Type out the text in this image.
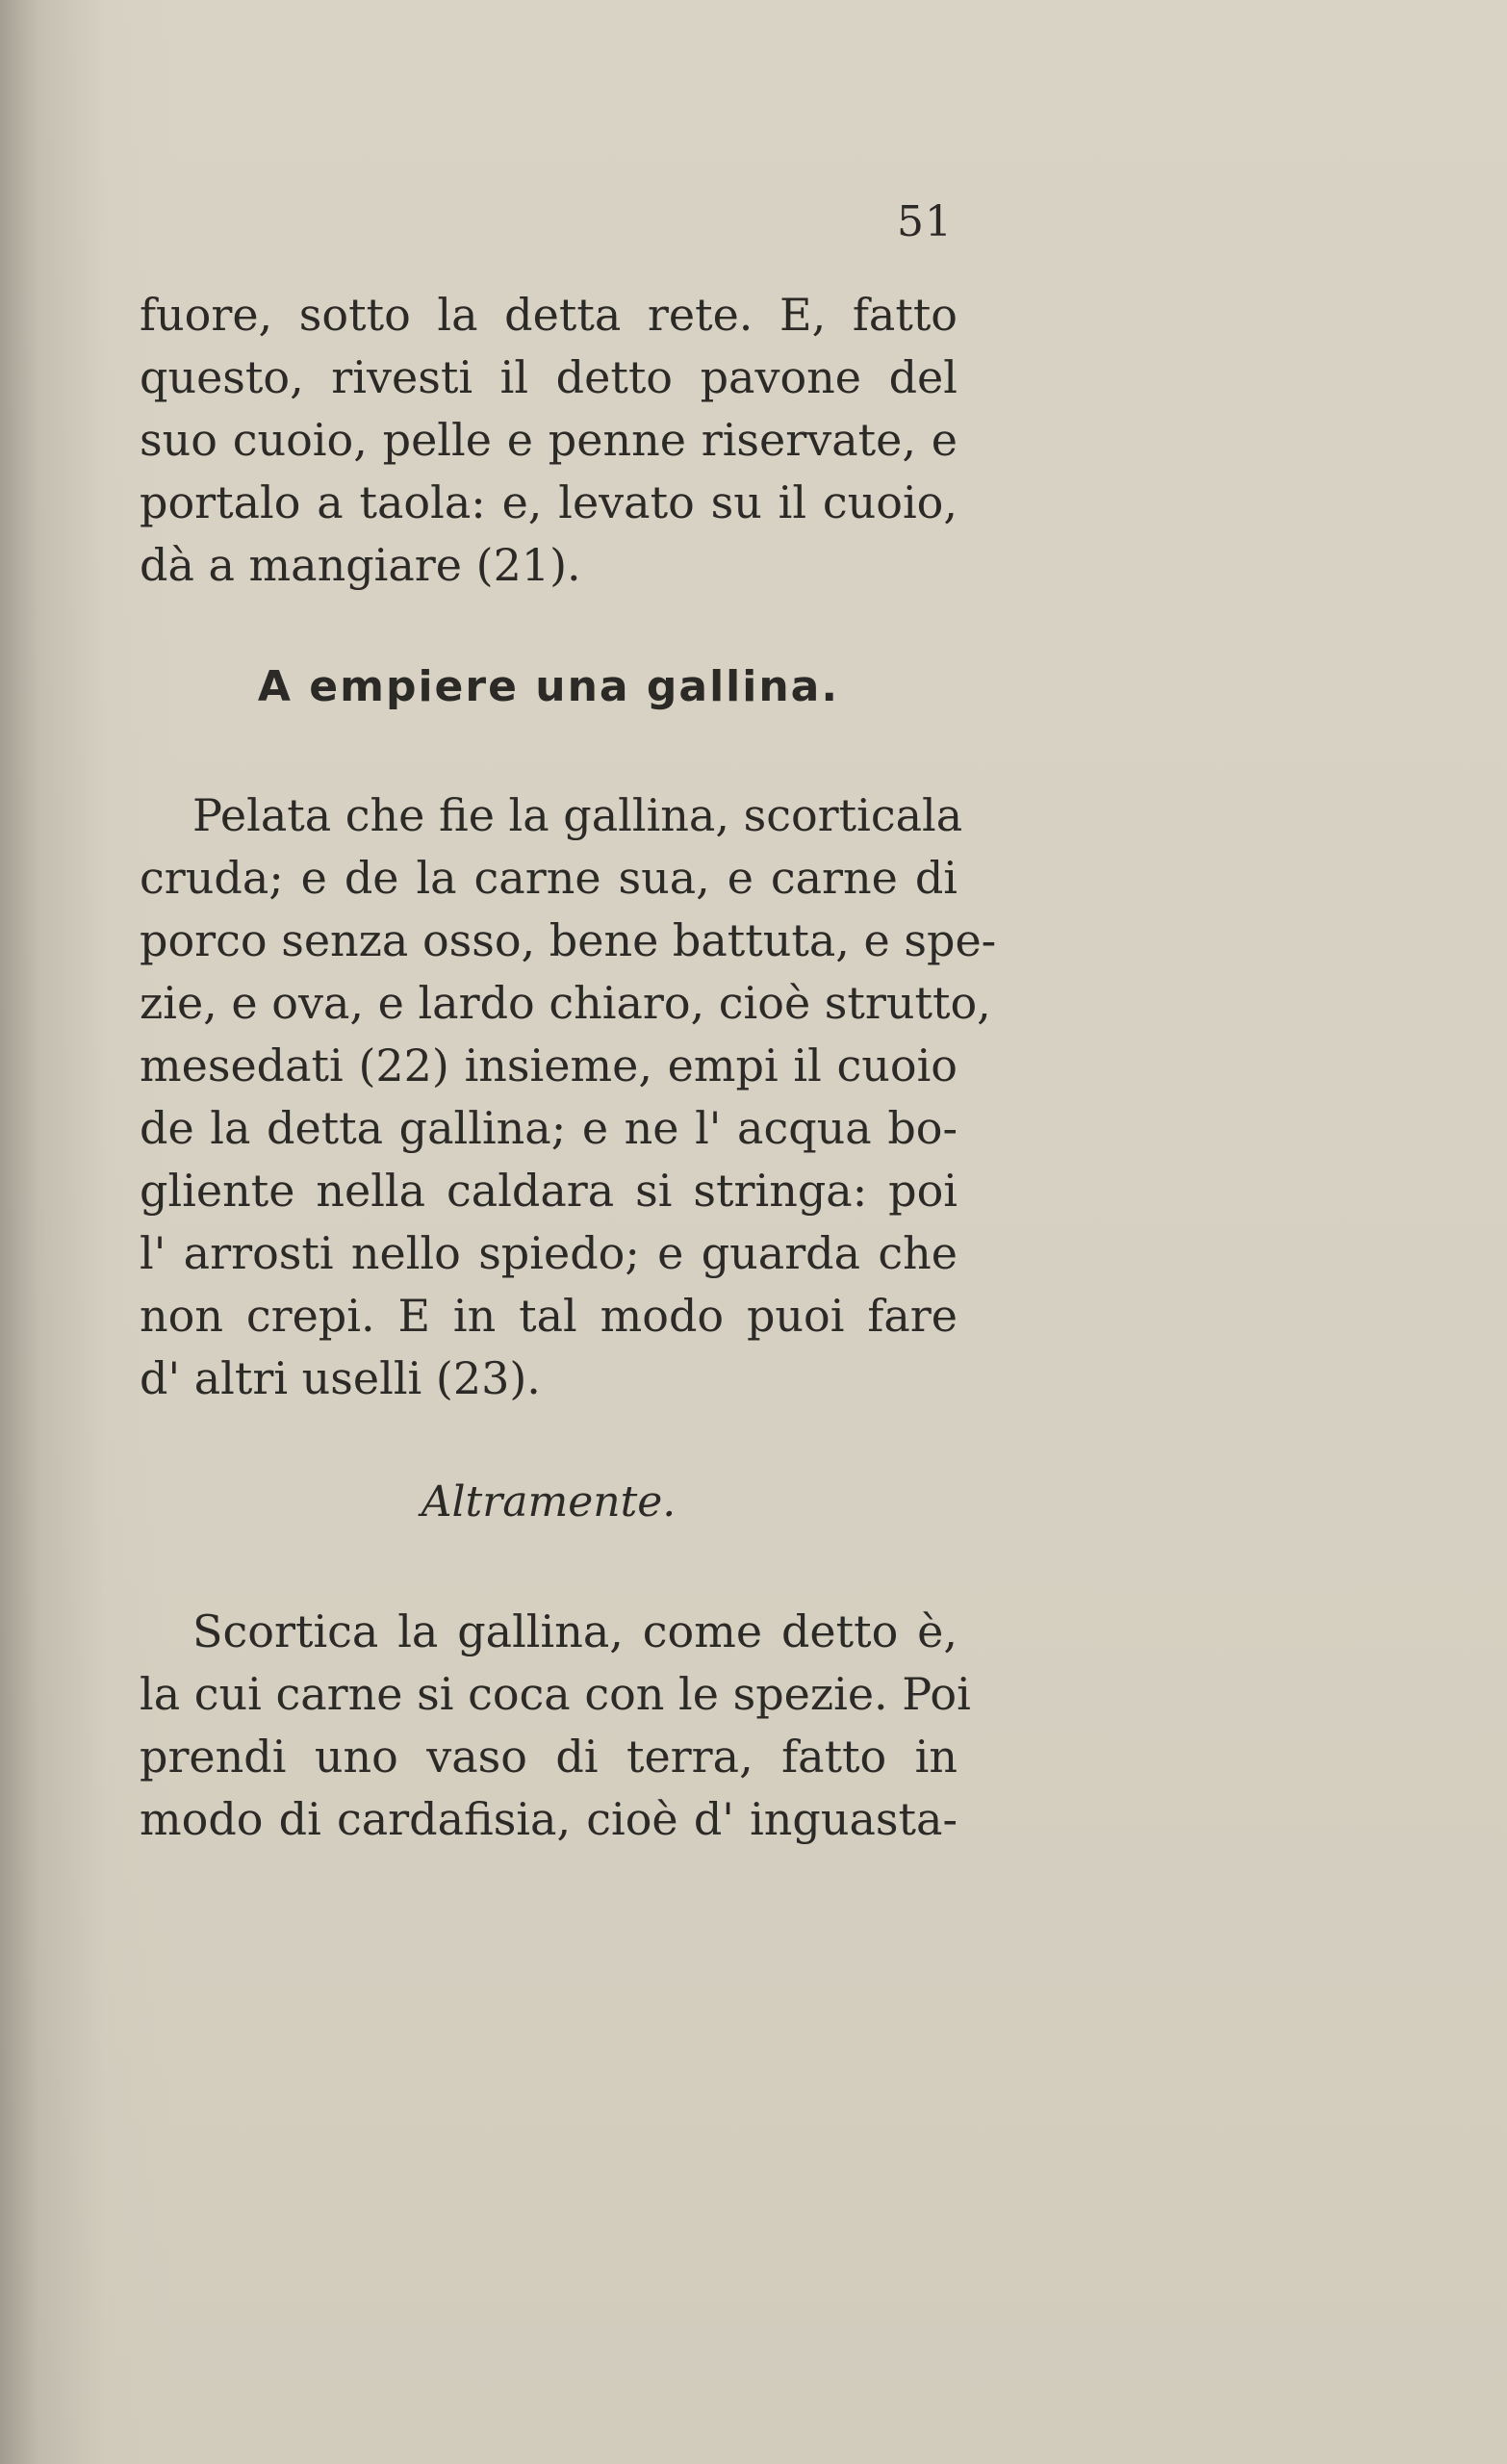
51
fuore, sotto la detta rete. E, fatto
questo, rivesti il detto pavone del
suo cuoio, pelle e penne riservate, e
portalo a taola: e, levato su il cuoio,
dà a mangiare (21).
A empiere una gallina.
Pelata che fie la gallina, scorticala
cruda; e de la carne sua, e carne di
porco senza osso, bene battuta, e spe-
zie, e ova, e lardo chiaro, cioè strutto,
mesedati (22) insieme, empi il cuoio
de la detta gallina; e ne l' acqua bo-
gliente nella caldara si stringa: poi
l' arrosti nello spiedo; e guarda che
non crepi. E in tal modo puoi fare
d' altri uselli (23).
Altramente.
Scortica la gallina, come detto è,
la cui carne si coca con le spezie. Poi
prendi uno vaso di terra, fatto in
modo di cardafisia, cioè d' inguasta-
